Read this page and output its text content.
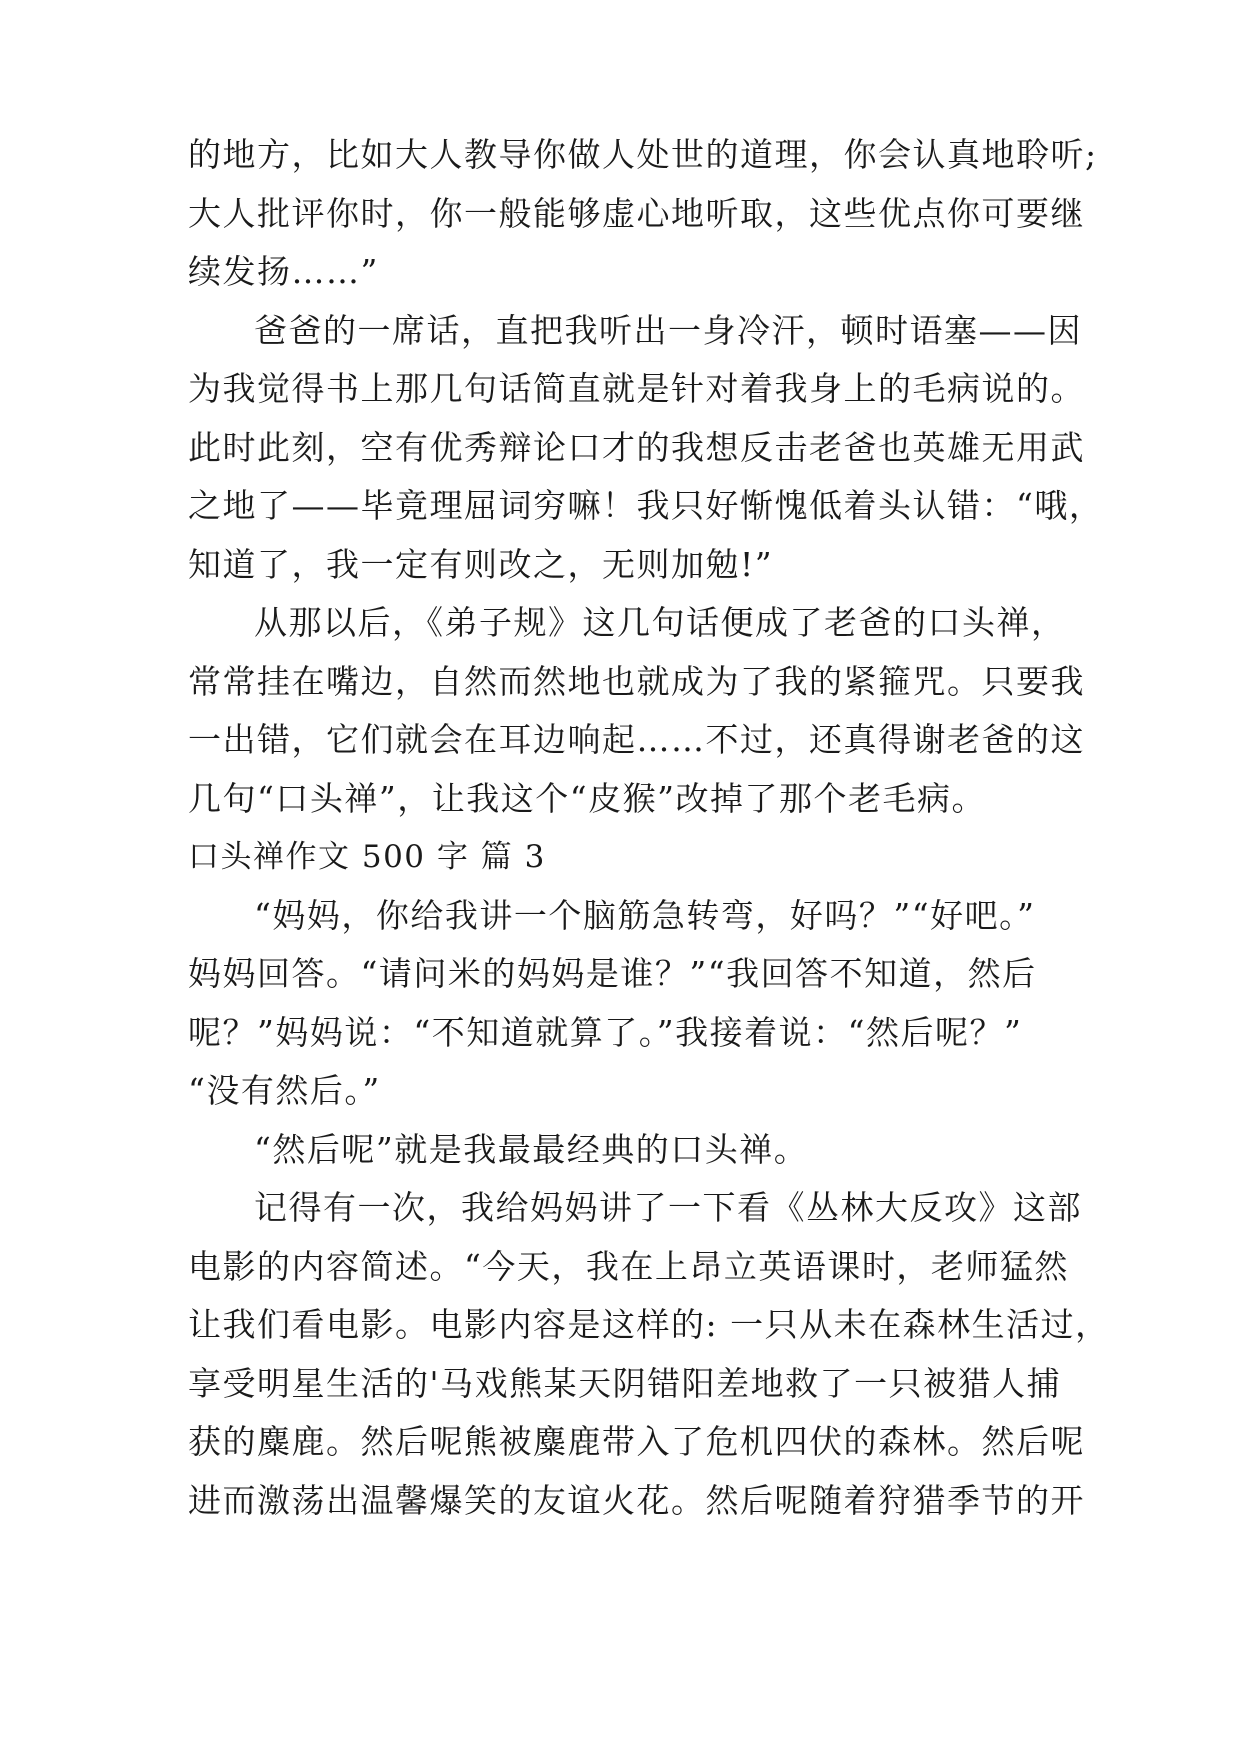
的地方，比如大人教导你做人处世的道理，你会认真地聆听;
大人批评你时，你一般能够虚心地听取，这些优点你可要继
续发扬……”
爸爸的一席话，直把我听出一身冷汗，顿时语塞——因
为我觉得书上那几句话简直就是针对着我身上的毛病说的。
此时此刻，空有优秀辩论口才的我想反击老爸也英雄无用武
之地了——毕竟理屈词穷嘛！我只好惭愧低着头认错：“哦，
知道了，我一定有则改之，无则加勉!”
从那以后，《弟子规》这几句话便成了老爸的口头禅，
常常挂在嘴边，自然而然地也就成为了我的紧箍咒。只要我
一出错，它们就会在耳边响起……不过，还真得谢老爸的这
几句“口头禅”，让我这个“皮猴”改掉了那个老毛病。
口头禅作文 500 字 篇 3
“妈妈，你给我讲一个脑筋急转弯，好吗？”“好吧。”
妈妈回答。“请问米的妈妈是谁？”“我回答不知道，然后
呢？”妈妈说：“不知道就算了。”我接着说：“然后呢？”
“没有然后。”
“然后呢”就是我最最经典的口头禅。
记得有一次，我给妈妈讲了一下看《丛林大反攻》这部
电影的内容简述。“今天，我在上昂立英语课时，老师猛然
让我们看电影。电影内容是这样的: 一只从未在森林生活过，
享受明星生活的'马戏熊某天阴错阳差地救了一只被猎人捕
获的麋鹿。然后呢熊被麋鹿带入了危机四伏的森林。然后呢
进而激荡出温馨爆笑的友谊火花。然后呢随着狩猎季节的开
